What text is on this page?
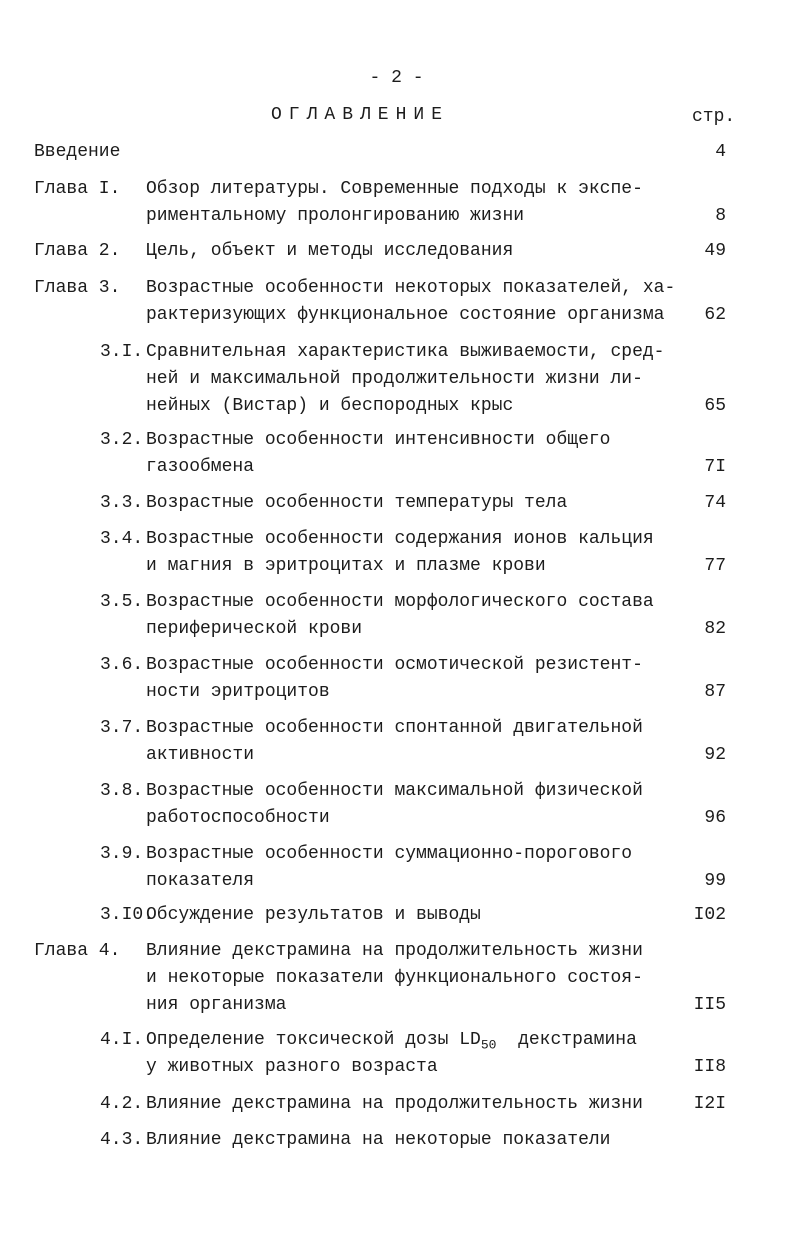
- 2 -
ОГЛАВЛЕНИЕ	стр.
Введение	4
Глава I. Обзор литературы. Современные подходы к экспе-
риментальному пролонгированию жизни	8
Глава 2. Цель, объект и методы исследования	49
Глава 3. Возрастные особенности некоторых показателей, ха-
рактеризующих функциональное состояние организма	62
3.I. Сравнительная характеристика выживаемости, сред-
ней и максимальной продолжительности жизни ли-
нейных (Вистар) и беспородных крыс	65
3.2. Возрастные особенности интенсивности общего
газообмена	7I
3.3. Возрастные особенности температуры тела	74
3.4. Возрастные особенности содержания ионов кальция
и магния в эритроцитах и плазме крови	77
3.5. Возрастные особенности морфологического состава
периферической крови	82
3.6. Возрастные особенности осмотической резистент-
ности эритроцитов	87
3.7. Возрастные особенности спонтанной двигательной
активности	92
3.8. Возрастные особенности максимальной физической
работоспособности	96
3.9. Возрастные особенности суммационно-порогового
показателя	99
3.I0.
Обсуждение результатов и выводы	I02
Глава 4. Влияние декстрамина на продолжительность жизни
и некоторые показатели функционального состоя-
ния организма	II5
4.I. Определение токсической дозы $LD_{50}$  декстрамина
у животных разного возраста	II8
4.2. Влияние декстрамина на продолжительность жизни	I2I
4.3. Влияние декстрамина на некоторые показатели
